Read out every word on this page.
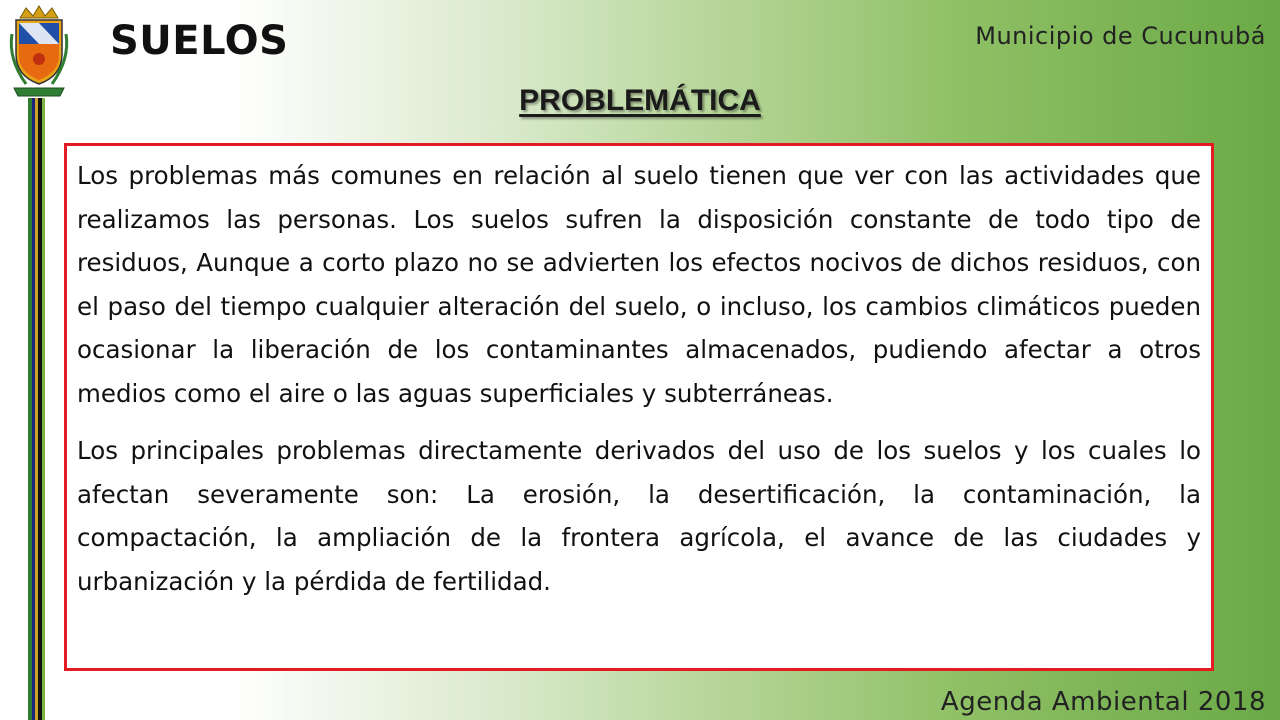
SUELOS	Municipio de Cucunubá
PROBLEMÁTICA

Los problemas más comunes en relación al suelo tienen que ver con las actividades que realizamos las personas. Los suelos sufren la disposición constante de todo tipo de residuos, Aunque a corto plazo no se advierten los efectos nocivos de dichos residuos, con el paso del tiempo cualquier alteración del suelo, o incluso, los cambios climáticos pueden ocasionar la liberación de los contaminantes almacenados, pudiendo afectar a otros medios como el aire o las aguas superficiales y subterráneas.

Los principales problemas directamente derivados del uso de los suelos y los cuales lo afectan severamente son: La erosión, la desertificación, la contaminación, la compactación, la ampliación de la frontera agrícola, el avance de las ciudades y urbanización y la pérdida de fertilidad.

Agenda Ambiental 2018
